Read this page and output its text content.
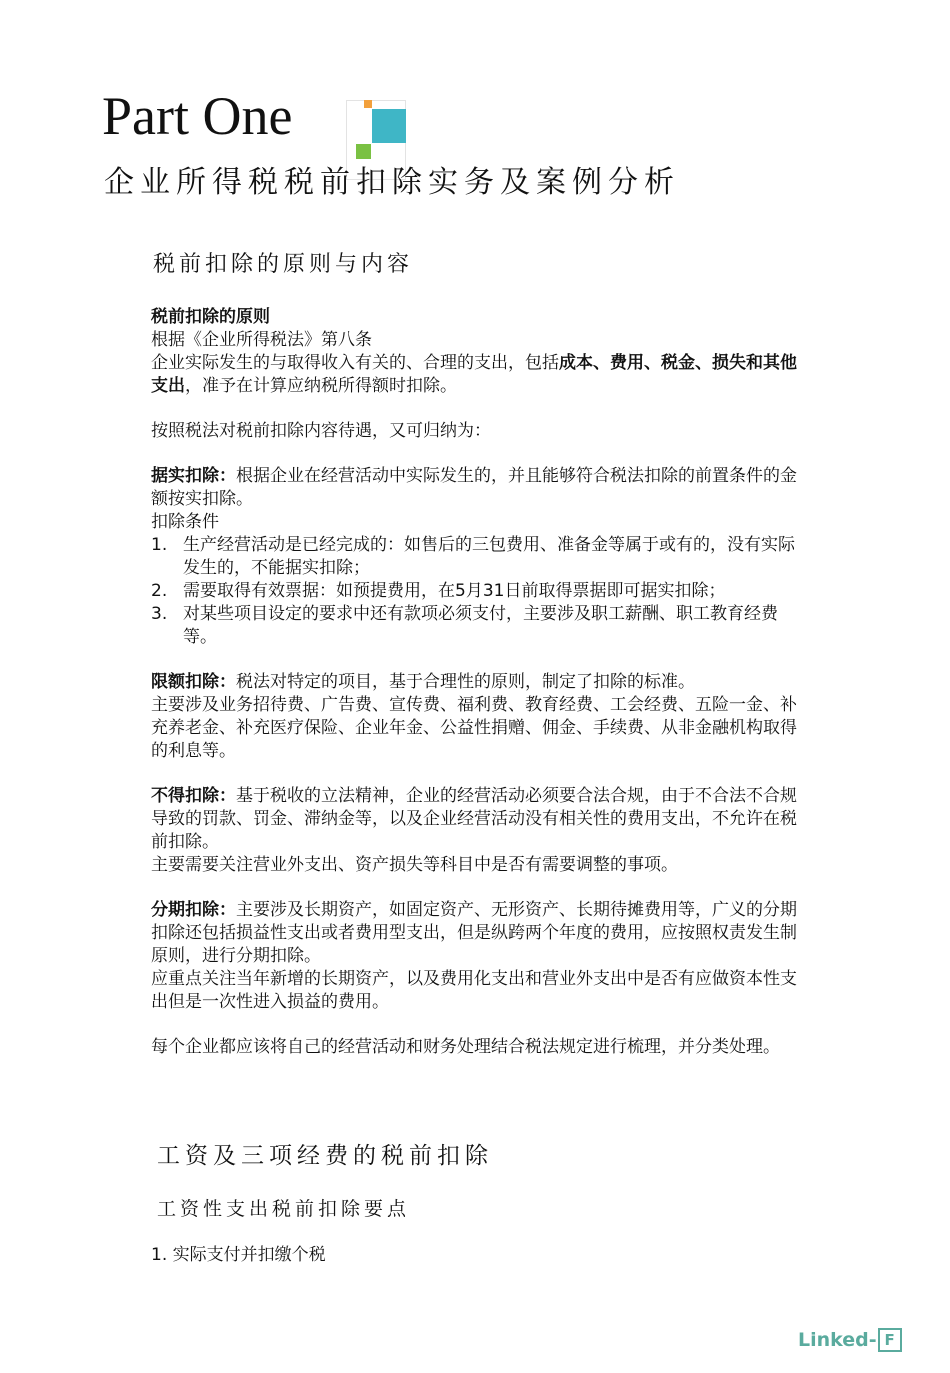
Part One
企业所得税税前扣除实务及案例分析
税前扣除的原则与内容

税前扣除的原则

根据《企业所得税法》第八条

企业实际发生的与取得收入有关的、合理的支出，包括成本、费用、税金、损失和其他支出，准予在计算应纳税所得额时扣除。

按照税法对税前扣除内容待遇，又可归纳为：

据实扣除：根据企业在经营活动中实际发生的，并且能够符合税法扣除的前置条件的金额按实扣除。

扣除条件

1. 生产经营活动是已经完成的：如售后的三包费用、准备金等属于或有的，没有实际发生的，不能据实扣除；
2. 需要取得有效票据：如预提费用，在5月31日前取得票据即可据实扣除；
3. 对某些项目设定的要求中还有款项必须支付，主要涉及职工薪酬、职工教育经费等。

限额扣除：税法对特定的项目，基于合理性的原则，制定了扣除的标准。

主要涉及业务招待费、广告费、宣传费、福利费、教育经费、工会经费、五险一金、补充养老金、补充医疗保险、企业年金、公益性捐赠、佣金、手续费、从非金融机构取得的利息等。

不得扣除：基于税收的立法精神，企业的经营活动必须要合法合规，由于不合法不合规导致的罚款、罚金、滞纳金等，以及企业经营活动没有相关性的费用支出，不允许在税前扣除。

主要需要关注营业外支出、资产损失等科目中是否有需要调整的事项。

分期扣除：主要涉及长期资产，如固定资产、无形资产、长期待摊费用等，广义的分期扣除还包括损益性支出或者费用型支出，但是纵跨两个年度的费用，应按照权责发生制原则，进行分期扣除。

应重点关注当年新增的长期资产，以及费用化支出和营业外支出中是否有应做资本性支出但是一次性进入损益的费用。

每个企业都应该将自己的经营活动和财务处理结合税法规定进行梳理，并分类处理。

工资及三项经费的税前扣除
工资性支出税前扣除要点

1. 实际支付并扣缴个税

Linked- F
